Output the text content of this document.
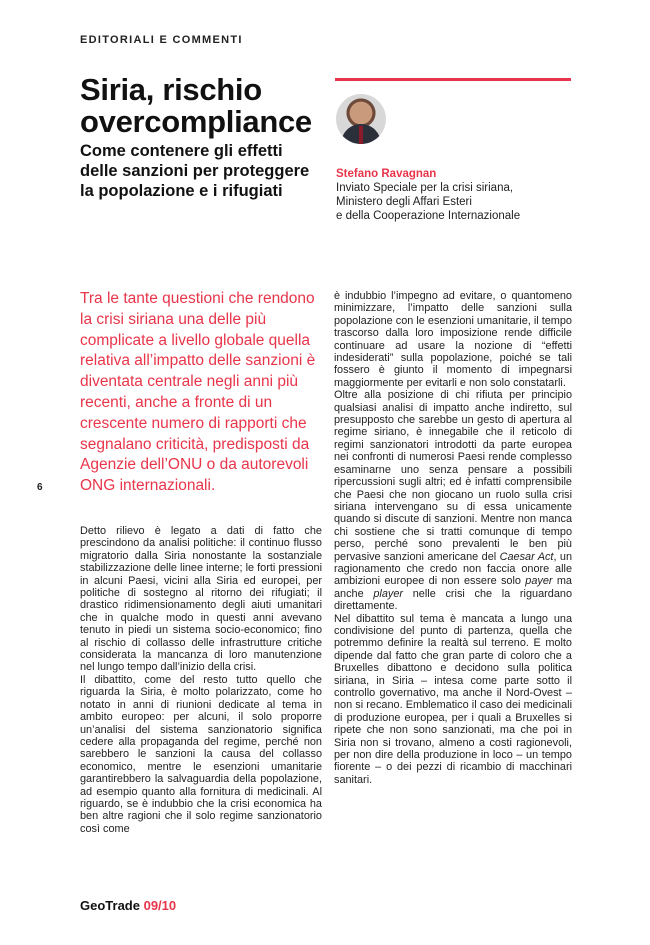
EDITORIALI E COMMENTI
Siria, rischio overcompliance
Come contenere gli effetti delle sanzioni per proteggere la popolazione e i rifugiati
Stefano Ravagnan
Inviato Speciale per la crisi siriana,
Ministero degli Affari Esteri
e della Cooperazione Internazionale
Tra le tante questioni che rendono la crisi siriana una delle più complicate a livello globale quella relativa all’impatto delle sanzioni è diventata centrale negli anni più recenti, anche a fronte di un crescente numero di rapporti che segnalano criticità, predisposti da Agenzie dell’ONU o da autorevoli ONG internazionali.
6

Detto rilievo è legato a dati di fatto che prescindono da analisi politiche: il continuo flusso migratorio dalla Siria nonostante la sostanziale stabilizzazione delle linee interne; le forti pressioni in alcuni Paesi, vicini alla Siria ed europei, per politiche di sostegno al ritorno dei rifugiati; il drastico ridimensionamento degli aiuti umanitari che in qualche modo in questi anni avevano tenuto in piedi un sistema socio-economico; fino al rischio di collasso delle infrastrutture critiche considerata la mancanza di loro manutenzione nel lungo tempo dall’inizio della crisi.

Il dibattito, come del resto tutto quello che riguarda la Siria, è molto polarizzato, come ho notato in anni di riunioni dedicate al tema in ambito europeo: per alcuni, il solo proporre un’analisi del sistema sanzionatorio significa cedere alla propaganda del regime, perché non sarebbero le sanzioni la causa del collasso economico, mentre le esenzioni umanitarie garantirebbero la salvaguardia della popolazione, ad esempio quanto alla fornitura di medicinali. Al riguardo, se è indubbio che la crisi economica ha ben altre ragioni che il solo regime sanzionatorio così come

è indubbio l’impegno ad evitare, o quantomeno minimizzare, l’impatto delle sanzioni sulla popolazione con le esenzioni umanitarie, il tempo trascorso dalla loro imposizione rende difficile continuare ad usare la nozione di “effetti indesiderati” sulla popolazione, poiché se tali fossero è giunto il momento di impegnarsi maggiormente per evitarli e non solo constatarli.

Oltre alla posizione di chi rifiuta per principio qualsiasi analisi di impatto anche indiretto, sul presupposto che sarebbe un gesto di apertura al regime siriano, è innegabile che il reticolo di regimi sanzionatori introdotti da parte europea nei confronti di numerosi Paesi rende complesso esaminarne uno senza pensare a possibili ripercussioni sugli altri; ed è infatti comprensibile che Paesi che non giocano un ruolo sulla crisi siriana intervengano su di essa unicamente quando si discute di sanzioni. Mentre non manca chi sostiene che si tratti comunque di tempo perso, perché sono prevalenti le ben più pervasive sanzioni americane del Caesar Act, un ragionamento che credo non faccia onore alle ambizioni europee di non essere solo payer ma anche player nelle crisi che la riguardano direttamente.

Nel dibattito sul tema è mancata a lungo una condivisione del punto di partenza, quella che potremmo definire la realtà sul terreno. E molto dipende dal fatto che gran parte di coloro che a Bruxelles dibattono e decidono sulla politica siriana, in Siria – intesa come parte sotto il controllo governativo, ma anche il Nord-Ovest – non si recano. Emblematico il caso dei medicinali di produzione europea, per i quali a Bruxelles si ripete che non sono sanzionati, ma che poi in Siria non si trovano, almeno a costi ragionevoli, per non dire della produzione in loco – un tempo fiorente – o dei pezzi di ricambio di macchinari sanitari.

GeoTrade 09/10
